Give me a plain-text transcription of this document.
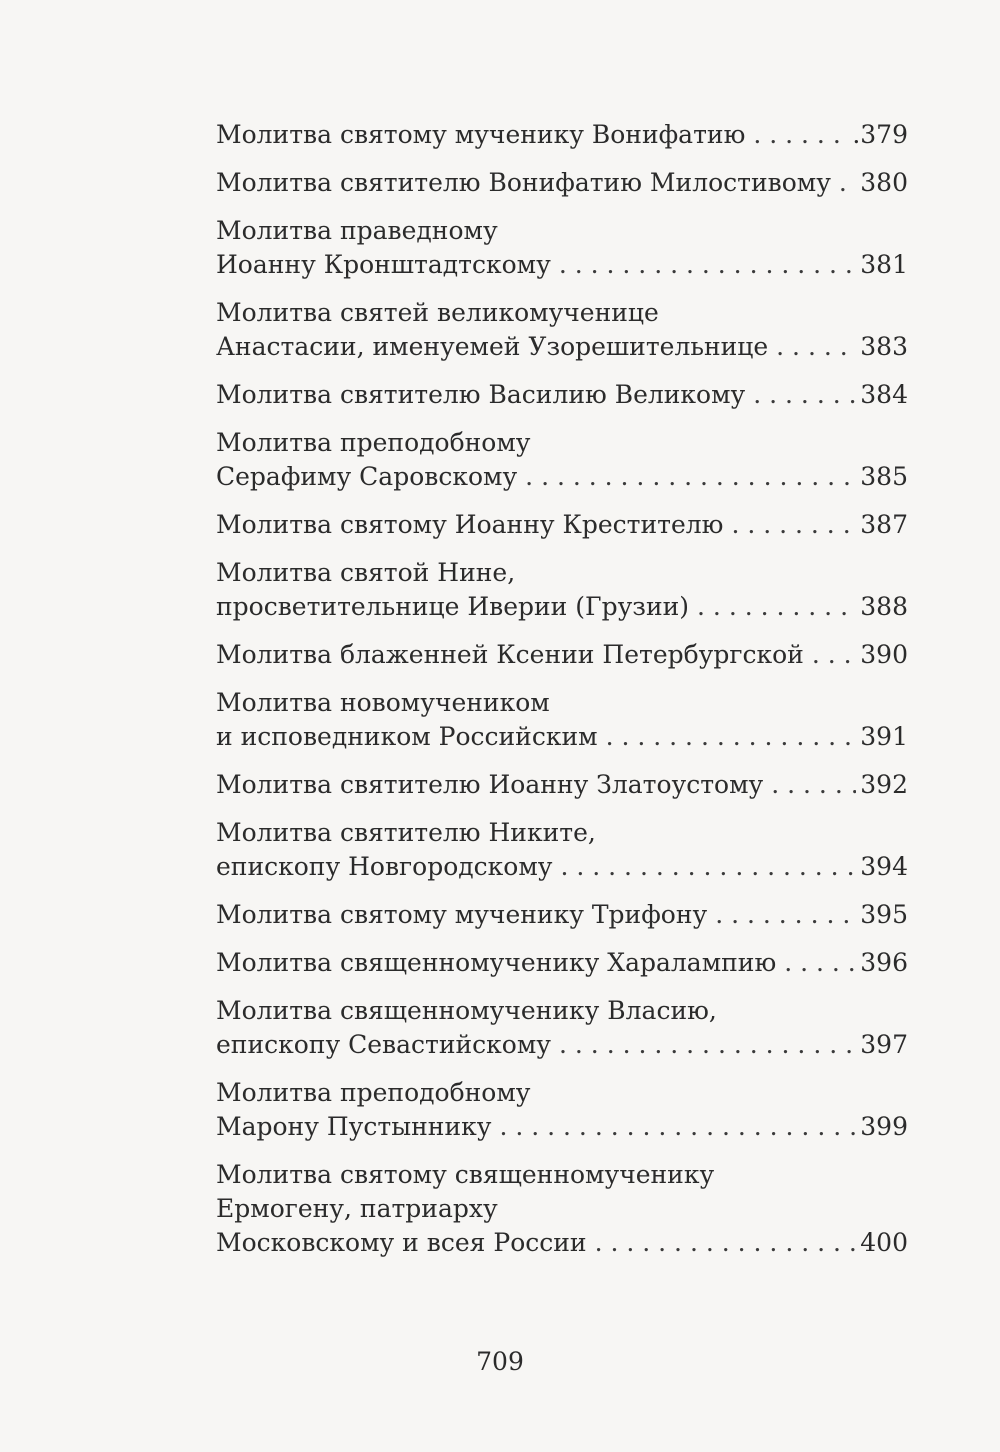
Молитва святому мученику Вонифатию . . .	.379
Молитва святителю Вонифатию Милостивому . . . 380
Молитва праведному
Иоанну Кронштадтскому . . .	381
Молитва святей великомученице
Анастасии, именуемей Узорешительнице . . .	383
Молитва святителю Василию Великому . . .	384
Молитва преподобному
Серафиму Саровскому . . .	385
Молитва святому Иоанну Крестителю . . .	387
Молитва святой Нине,
просветительнице Иверии (Грузии) . . .	388
Молитва блаженней Ксении Петербургской . . . 390
Молитва новомучеником
и исповедником Российским . . .	391
Молитва святителю Иоанну Златоустому . . .	392
Молитва святителю Никите,
епископу Новгородскому . . .	394
Молитва святому мученику Трифону . . .	395
Молитва священномученику Харалампию . . .	396
Молитва священномученику Власию,
епископу Севастийскому . . .	397
Молитва преподобному
Марону Пустыннику . . .	399
Молитва святому священномученику
Ермогену, патриарху
Московскому и всея России . . .	400
709
